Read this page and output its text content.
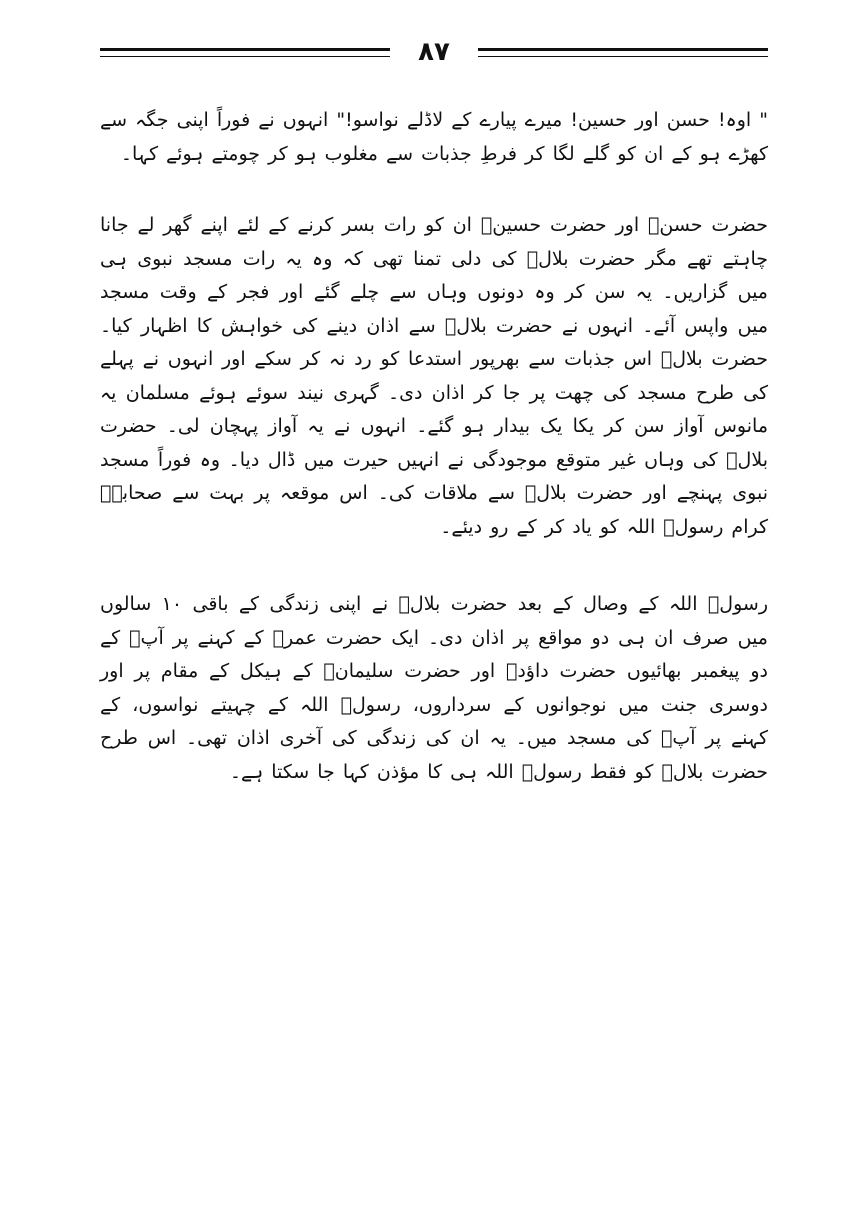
۸۷

" اوہ! حسن اور حسین! میرے پیارے کے لاڈلے نواسو!" انہوں نے فوراً اپنی جگہ سے کھڑے ہو کے ان کو گلے لگا کر فرطِ جذبات سے مغلوب ہو کر چومتے ہوئے کہا۔

حضرت حسنؓ اور حضرت حسینؓ ان کو رات بسر کرنے کے لئے اپنے گھر لے جانا چاہتے تھے مگر حضرت بلالؓ کی دلی تمنا تھی کہ وہ یہ رات مسجد نبوی ہی میں گزاریں۔ یہ سن کر وہ دونوں وہاں سے چلے گئے اور فجر کے وقت مسجد میں واپس آئے۔ انہوں نے حضرت بلالؓ سے اذان دینے کی خواہش کا اظہار کیا۔ حضرت بلالؓ اس جذبات سے بھرپور استدعا کو رد نہ کر سکے اور انہوں نے پہلے کی طرح مسجد کی چھت پر جا کر اذان دی۔ گہری نیند سوئے ہوئے مسلمان یہ مانوس آواز سن کر یکا یک بیدار ہو گئے۔ انہوں نے یہ آواز پہچان لی۔ حضرت بلالؓ کی وہاں غیر متوقع موجودگی نے انہیں حیرت میں ڈال دیا۔ وہ فوراً مسجد نبوی پہنچے اور حضرت بلالؓ سے ملاقات کی۔ اس موقعہ پر بہت سے صحابہؓ کرام رسولؐ اللہ کو یاد کر کے رو دیئے۔

رسولؐ اللہ کے وصال کے بعد حضرت بلالؓ نے اپنی زندگی کے باقی ۱۰ سالوں میں صرف ان ہی دو مواقع پر اذان دی۔ ایک حضرت عمرؓ کے کہنے پر آپؐ کے دو پیغمبر بھائیوں حضرت داؤدؑ اور حضرت سلیمانؑ کے ہیکل کے مقام پر اور دوسری جنت میں نوجوانوں کے سرداروں، رسولؐ اللہ کے چہیتے نواسوں، کے کہنے پر آپؐ کی مسجد میں۔ یہ ان کی زندگی کی آخری اذان تھی۔ اس طرح حضرت بلالؓ کو فقط رسولؐ اللہ ہی کا مؤذن کہا جا سکتا ہے۔
